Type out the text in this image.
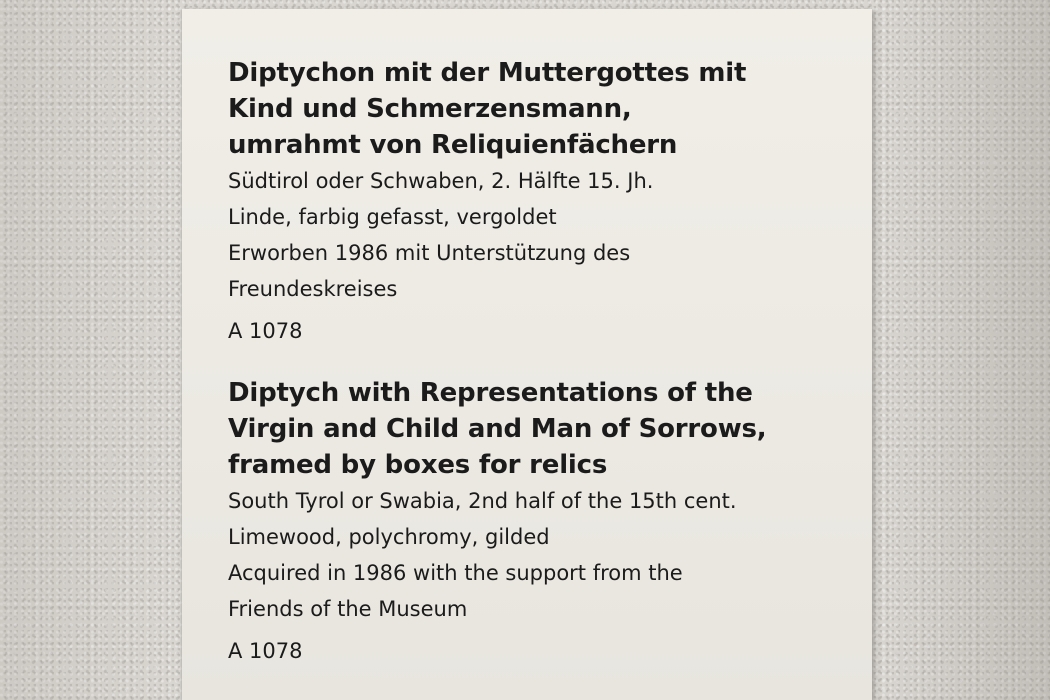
Diptychon mit der Muttergottes mit
Kind und Schmerzensmann,
umrahmt von Reliquienfächern
Südtirol oder Schwaben, 2. Hälfte 15. Jh.
Linde, farbig gefasst, vergoldet
Erworben 1986 mit Unterstützung des
Freundeskreises
A 1078
Diptych with Representations of the
Virgin and Child and Man of Sorrows,
framed by boxes for relics
South Tyrol or Swabia, 2nd half of the 15th cent.
Limewood, polychromy, gilded
Acquired in 1986 with the support from the
Friends of the Museum
A 1078
